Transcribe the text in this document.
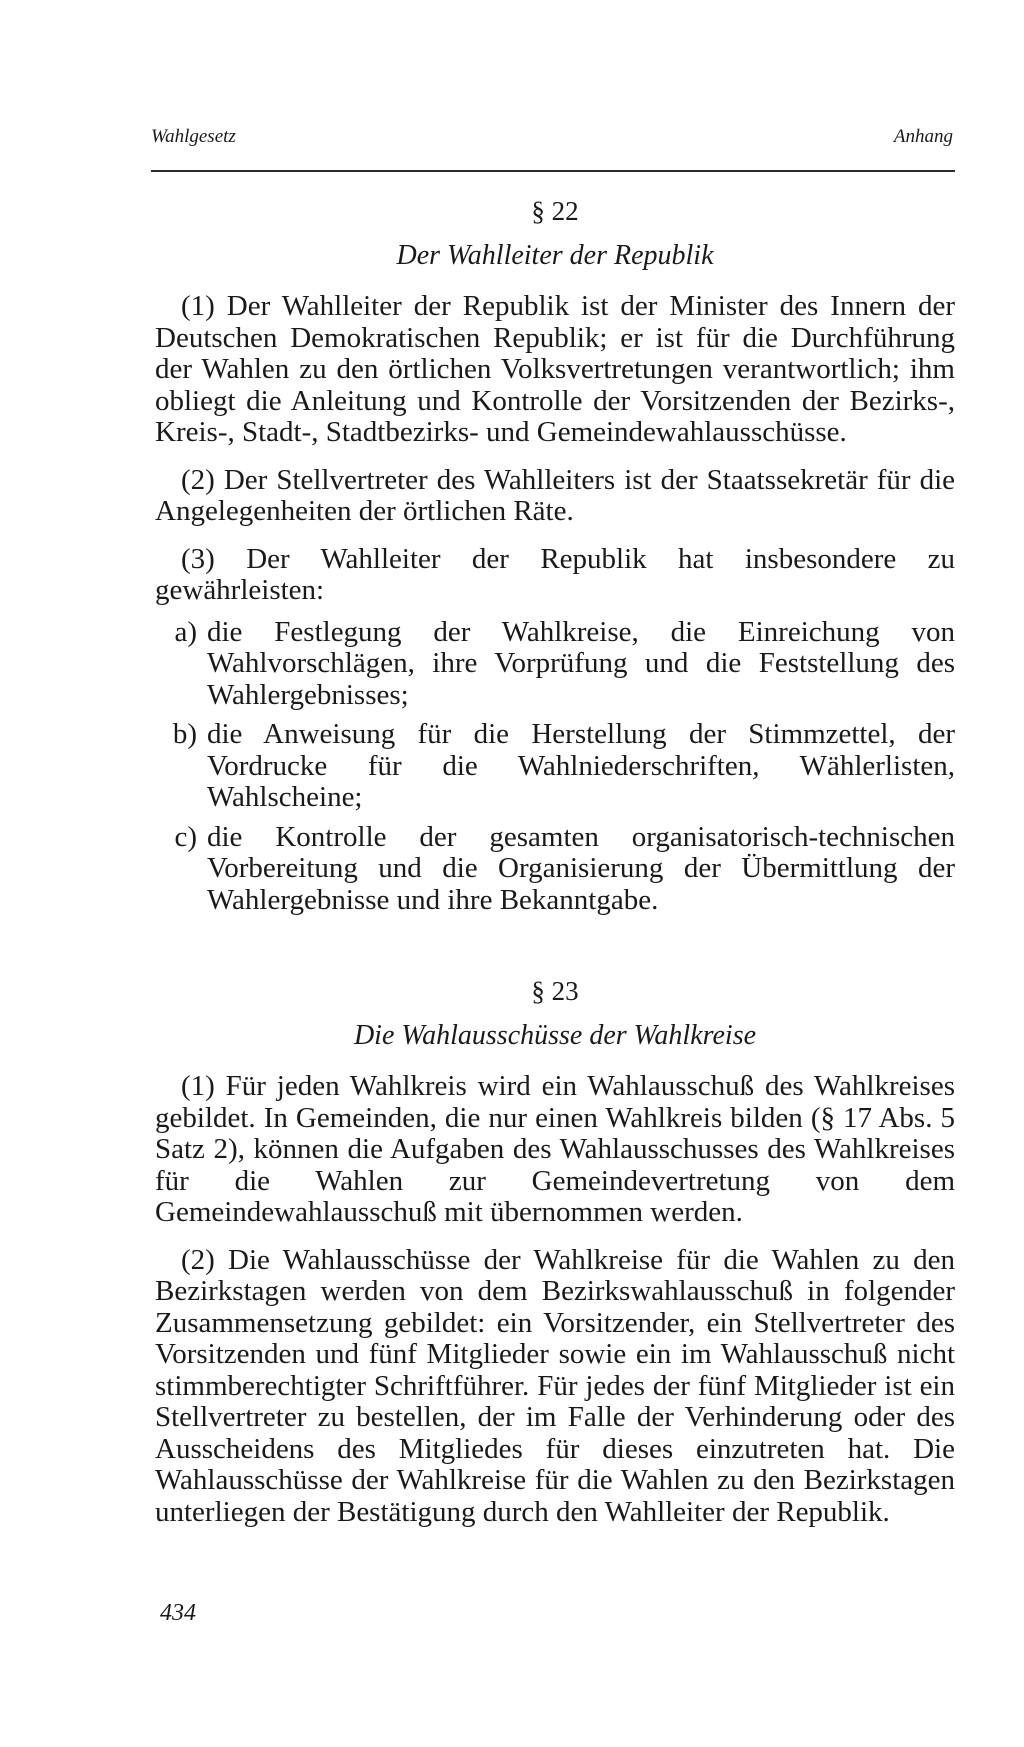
Wahlgesetz	Anhang
§ 22
Der Wahlleiter der Republik

(1) Der Wahlleiter der Republik ist der Minister des Innern der Deutschen Demokratischen Republik; er ist für die Durchführung der Wahlen zu den örtlichen Volksvertretungen verantwortlich; ihm obliegt die Anleitung und Kontrolle der Vorsitzenden der Bezirks-, Kreis-, Stadt-, Stadtbezirks- und Gemeindewahlausschüsse.

(2) Der Stellvertreter des Wahlleiters ist der Staatssekretär für die Angelegenheiten der örtlichen Räte.

(3) Der Wahlleiter der Republik hat insbesondere zu gewährleisten:

a) die Festlegung der Wahlkreise, die Einreichung von Wahlvorschlägen, ihre Vorprüfung und die Feststellung des Wahlergebnisses;
b) die Anweisung für die Herstellung der Stimmzettel, der Vordrucke für die Wahlniederschriften, Wählerlisten, Wahlscheine;
c) die Kontrolle der gesamten organisatorisch-technischen Vorbereitung und die Organisierung der Übermittlung der Wahlergebnisse und ihre Bekanntgabe.
§ 23
Die Wahlausschüsse der Wahlkreise

(1) Für jeden Wahlkreis wird ein Wahlausschuß des Wahlkreises gebildet. In Gemeinden, die nur einen Wahlkreis bilden (§ 17 Abs. 5 Satz 2), können die Aufgaben des Wahlausschusses des Wahlkreises für die Wahlen zur Gemeindevertretung von dem Gemeindewahlausschuß mit übernommen werden.

(2) Die Wahlausschüsse der Wahlkreise für die Wahlen zu den Bezirkstagen werden von dem Bezirkswahlausschuß in folgender Zusammensetzung gebildet: ein Vorsitzender, ein Stellvertreter des Vorsitzenden und fünf Mitglieder sowie ein im Wahlausschuß nicht stimmberechtigter Schriftführer. Für jedes der fünf Mitglieder ist ein Stellvertreter zu bestellen, der im Falle der Verhinderung oder des Ausscheidens des Mitgliedes für dieses einzutreten hat. Die Wahlausschüsse der Wahlkreise für die Wahlen zu den Bezirkstagen unterliegen der Bestätigung durch den Wahlleiter der Republik.

434
